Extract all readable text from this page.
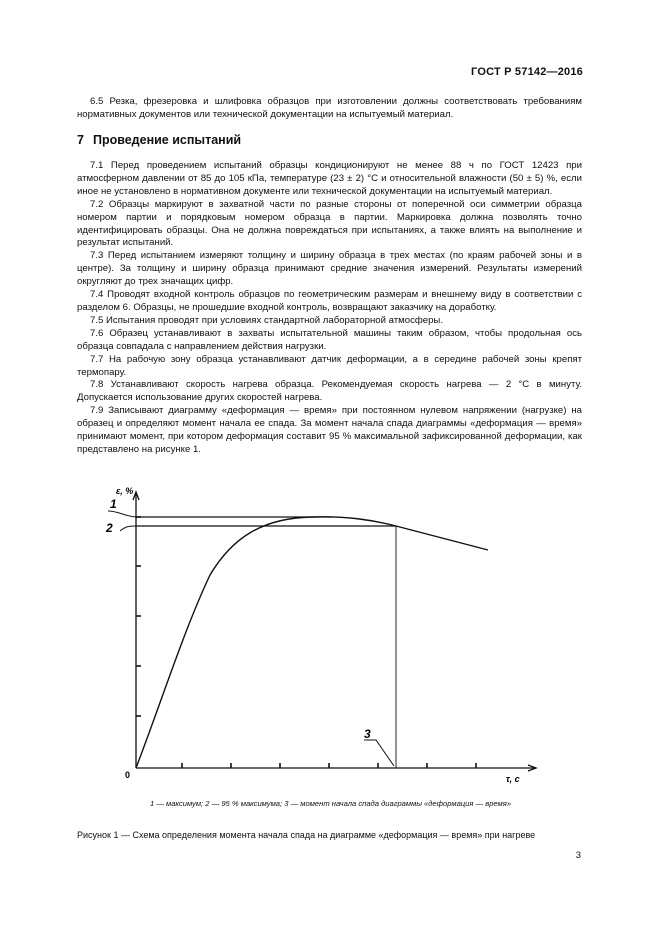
ГОСТ Р 57142—2016

6.5 Резка, фрезеровка и шлифовка образцов при изготовлении должны соответствовать требованиям нормативных документов или технической документации на испытуемый материал.

7 Проведение испытаний

7.1 Перед проведением испытаний образцы кондиционируют не менее 88 ч по ГОСТ 12423 при атмосферном давлении от 85 до 105 кПа, температуре (23 ± 2) °С и относительной влажности (50 ± 5) %, если иное не установлено в нормативном документе или технической документации на испытуемый материал.

7.2 Образцы маркируют в захватной части по разные стороны от поперечной оси симметрии образца номером партии и порядковым номером образца в партии. Маркировка должна позволять точно идентифицировать образцы. Она не должна повреждаться при испытаниях, а также влиять на выполнение и результат испытаний.

7.3 Перед испытанием измеряют толщину и ширину образца в трех местах (по краям рабочей зоны и в центре). За толщину и ширину образца принимают средние значения измерений. Результаты измерений округляют до трех значащих цифр.

7.4 Проводят входной контроль образцов по геометрическим размерам и внешнему виду в соответствии с разделом 6. Образцы, не прошедшие входной контроль, возвращают заказчику на доработку.

7.5 Испытания проводят при условиях стандартной лабораторной атмосферы.

7.6 Образец устанавливают в захваты испытательной машины таким образом, чтобы продольная ось образца совпадала с направлением действия нагрузки.

7.7 На рабочую зону образца устанавливают датчик деформации, а в середине рабочей зоны крепят термопару.

7.8 Устанавливают скорость нагрева образца. Рекомендуемая скорость нагрева — 2 °С в минуту. Допускается использование других скоростей нагрева.

7.9 Записывают диаграмму «деформация — время» при постоянном нулевом напряжении (нагрузке) на образец и определяют момент начала ее спада. За момент начала спада диаграммы «деформация — время» принимают момент, при котором деформация составит 95 % максимальной зафиксированной деформации, как представлено на рисунке 1.

ε, %
τ, с
0
1
2
3
1 — максимум; 2 — 95 % максимума; 3 — момент начала спада диаграммы «деформация — время»
Рисунок 1 — Схема определения момента начала спада на диаграмме «деформация — время» при нагреве
3
